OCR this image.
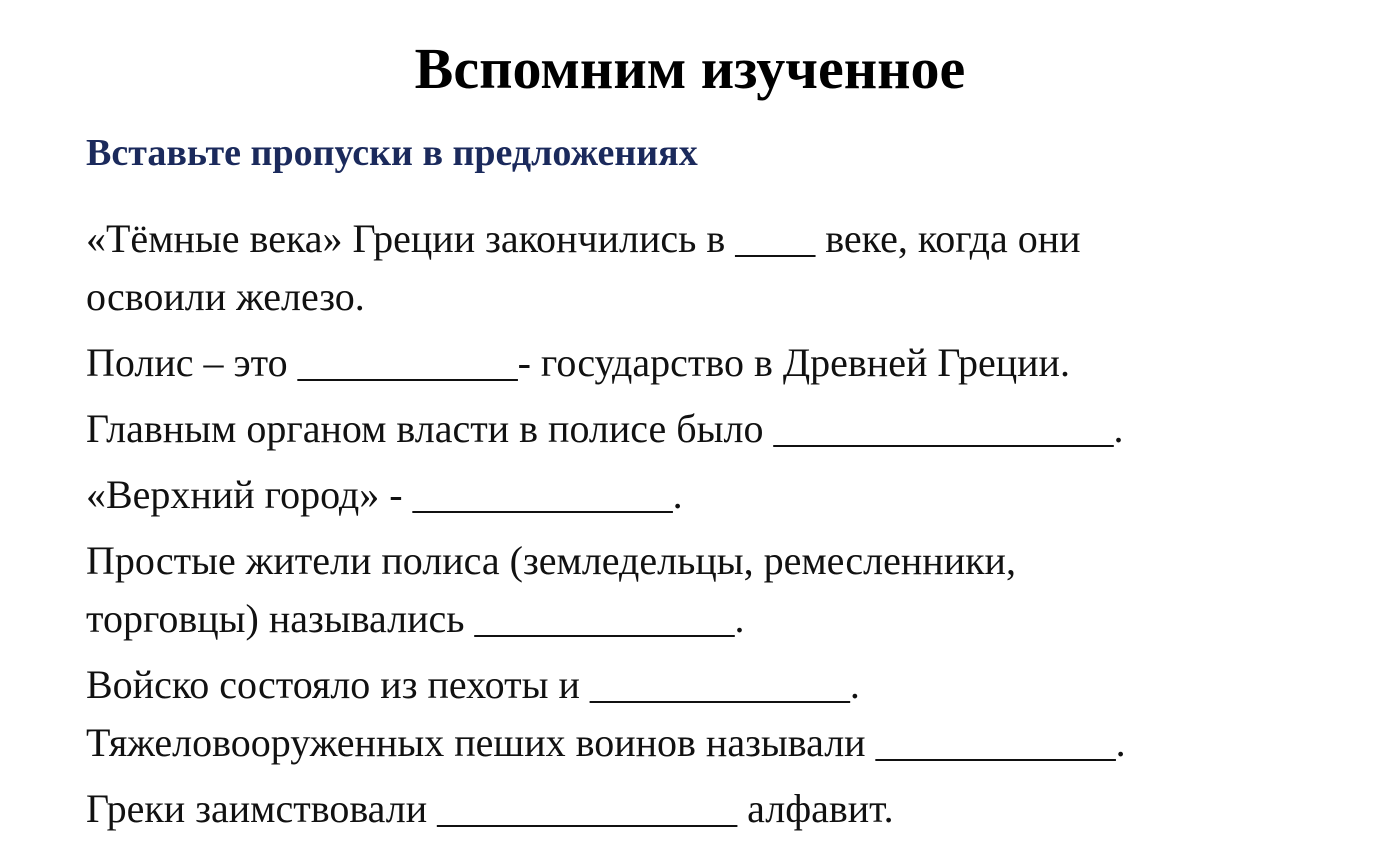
Вспомним изученное
Вставьте пропуски в предложениях
«Тёмные века» Греции закончились в ____ веке, когда они
освоили железо.
Полис – это ___________- государство в Древней Греции.
Главным органом власти в полисе было _________________.
«Верхний город» - _____________.
Простые жители полиса (земледельцы, ремесленники,
торговцы) назывались _____________.
Войско состояло из пехоты и _____________.
Тяжеловооруженных пеших воинов называли ____________.
Греки заимствовали _______________ алфавит.
